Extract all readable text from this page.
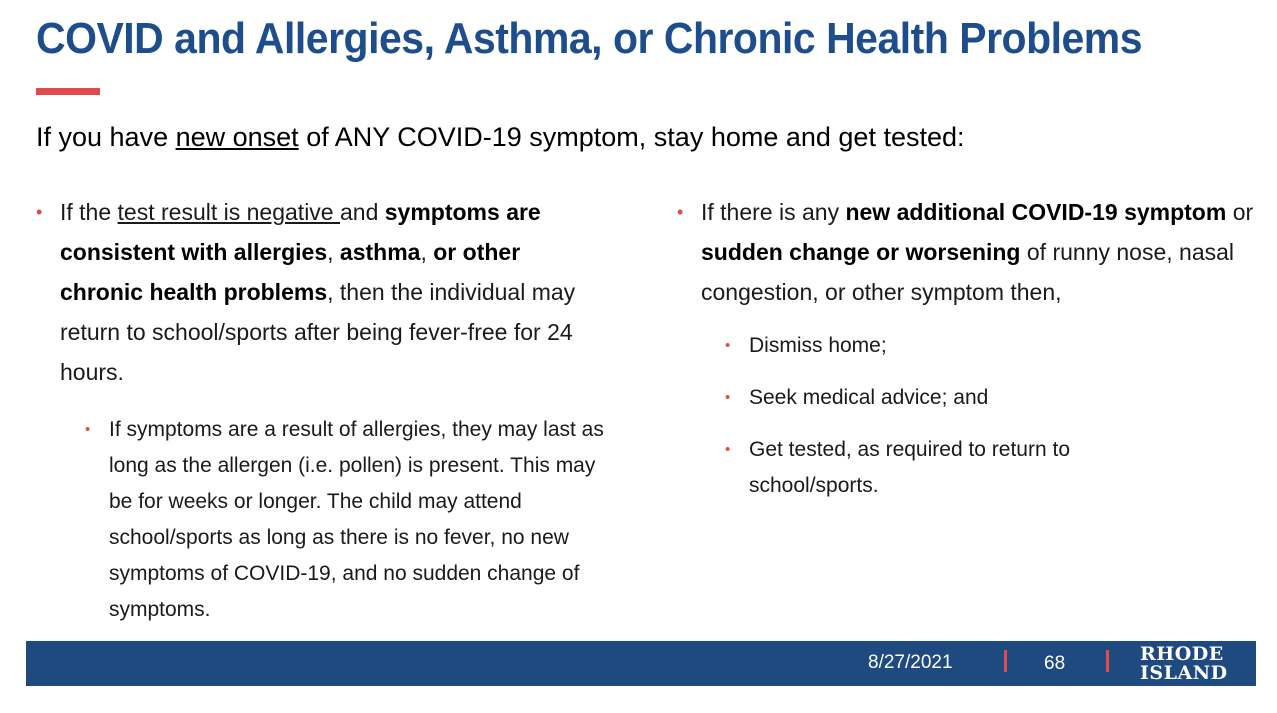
COVID and Allergies, Asthma, or Chronic Health Problems
If you have new onset of ANY COVID-19 symptom, stay home and get tested:
• If the test result is negative and symptoms are consistent with allergies, asthma, or other chronic health problems, then the individual may return to school/sports after being fever-free for 24 hours.
• If symptoms are a result of allergies, they may last as long as the allergen (i.e. pollen) is present. This may be for weeks or longer. The child may attend school/sports as long as there is no fever, no new symptoms of COVID-19, and no sudden change of symptoms.
• If there is any new additional COVID-19 symptom or sudden change or worsening of runny nose, nasal congestion, or other symptom then,
• Dismiss home;
• Seek medical advice; and
• Get tested, as required to return to school/sports.
8/27/2021	68	RHODE
ISLAND
